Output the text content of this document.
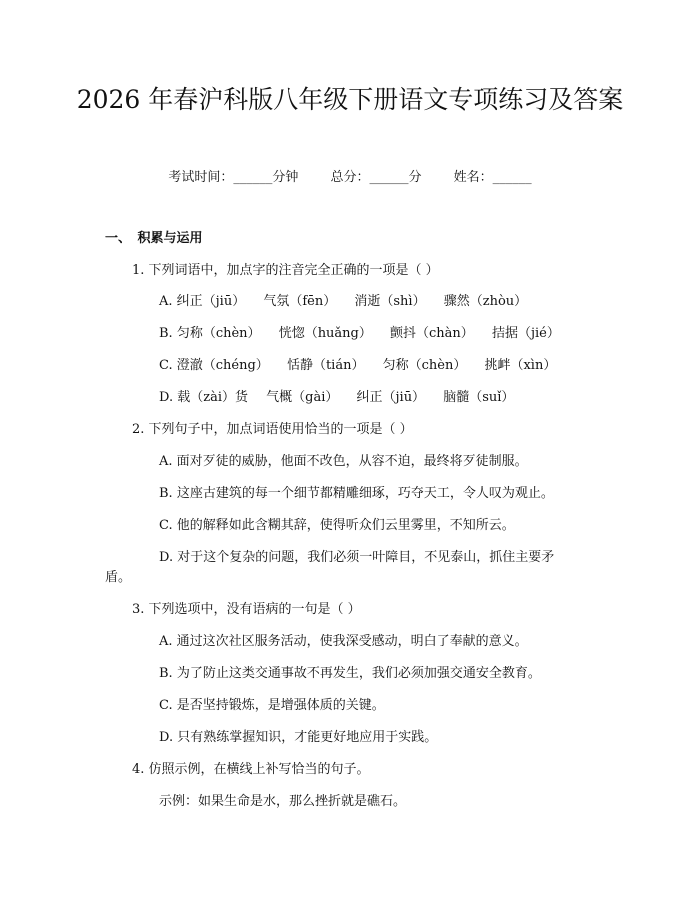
2026 年春沪科版八年级下册语文专项练习及答案
考试时间：______分钟 总分：______分 姓名：______
一、　积累与运用
1. 下列词语中，加点字的注音完全正确的一项是（ ）
A. 纠正（jiū） 气氛（fēn） 消逝（shì） 骤然（zhòu）
B. 匀称（chèn） 恍惚（huǎng） 颤抖（chàn） 拮据（jié）
C. 澄澈（chéng） 恬静（tián） 匀称（chèn） 挑衅（xìn）
D. 载（zài）货 气概（gài） 纠正（jiū） 脑髓（suǐ）
2. 下列句子中，加点词语使用恰当的一项是（ ）
A. 面对歹徒的威胁，他面不改色，从容不迫，最终将歹徒制服。
B. 这座古建筑的每一个细节都精雕细琢，巧夺天工，令人叹为观止。
C. 他的解释如此含糊其辞，使得听众们云里雾里，不知所云。
D. 对于这个复杂的问题，我们必须一叶障目，不见泰山，抓住主要矛
盾。
3. 下列选项中，没有语病的一句是（ ）
A. 通过这次社区服务活动，使我深受感动，明白了奉献的意义。
B. 为了防止这类交通事故不再发生，我们必须加强交通安全教育。
C. 是否坚持锻炼，是增强体质的关键。
D. 只有熟练掌握知识，才能更好地应用于实践。
4. 仿照示例，在横线上补写恰当的句子。
示例：如果生命是水，那么挫折就是礁石。
